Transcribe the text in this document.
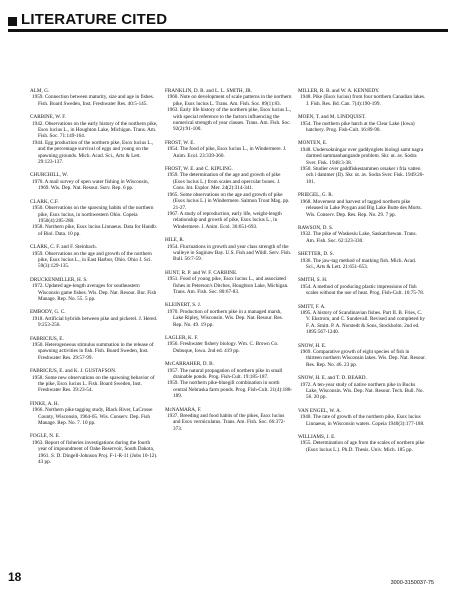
LITERATURE CITED
ALM, G.
1959. Connection between maturity, size and age in fishes. Fish. Board Sweden, Inst. Freshwater Res. 40:5-145.
CARBINE, W. F.
1942. Observations on the early history of the northern pike, Esox lucius L., in Houghton Lake, Michigan. Trans. Am. Fish. Soc. 71:149-164.
1944. Egg production of the northern pike, Esox lucius L., and the percentage survival of eggs and young on the spawning grounds. Mich. Acad. Sci., Arts & Lett. 29:123-137.
CHURCHILL, W.
1970. A mail survey of open water fishing in Wisconsin, 1969. Wis. Dep. Nat. Resour. Surv. Rep. 6 pp.
CLARK, C.F.
1950. Observations on the spawning habits of the northern pike, Esox lucius, in northwestern Ohio. Copeia 1950(4):285-288.
1958. Northern pike, Esox lucius Linnaeus. Data for Handb. of Biol. Data. 10 pp.
CLARK, C. F. and F. Steinbach.
1959. Observations on the age and growth of the northern pike, Esox lucius L., in East Harbor, Ohio. Ohio J. Sci. 59(3):129-135.
DRUCKENMILLER, H. S.
1972. Updated age-length averages for southeastern Wisconsin game fishes. Wis. Dep. Nat. Resour. Bur. Fish Manage. Rep. No. 55. 5 pp.
EMBODY, G. C.
1918. Artificial hybrids between pike and pickerel. J. Hered. 9:253-256.
FABRICIUS, E.
1950. Heterogeneous stimulus summation in the release of spawning activities in fish. Fish. Board Sweden, Inst. Freshwater Res. 29:57-99.
FABRICIUS, E. and K. J. GUSTAFSON.
1958. Some new observations on the spawning behavior of the pike, Esox lucius L. Fish. Board Sweden, Inst. Freshwater Res. 39:23-54.
FINKE, A. H.
1966. Northern pike tagging study, Black River, LaCrosse County, Wisconsin, 1964-65. Wis. Conserv. Dep. Fish Manage. Rep. No. 7. 10 pp.
FOGLE, N. E.
1963. Report of fisheries investigations during the fourth year of impoundment of Oahe Reservoir, South Dakota, 1961. S. D. Dingell-Johnson Proj. F-1-R-11 (Jobs 10-12). 43 pp.
FRANKLIN, D. R. and L. L. SMITH, JR.
1960. Note on development of scale patterns in the northern pike, Esox lucius L. Trans. Am. Fish. Soc. 89(1):83.
1963. Early life history of the northern pike, Esox lucius L., with special reference to the factors influencing the numerical strength of year classes. Trans. Am. Fish. Soc. 92(2):91-100.
FROST, W. E.
1954. The food of pike, Esox lucius L., in Windermere. J. Anim. Ecol. 23:339-360.
FROST, W. E. and C. KIPLING.
1959. The determination of the age and growth of pike (Esox lucius L.) from scales and opercular bones. J. Cons. Int. Explor. Mer. 24(2):314-341.
1965. Some observations on the age and growth of pike (Esox lucius L.) in Windermere. Salmon Trout Mag. pp. 21-27.
1967. A study of reproduction, early life, weight-length relationship and growth of pike, Esox lucius L., in Windermere. J. Anim. Ecol. 36:651-693.
HILE, R.
1954. Fluctuations in growth and year class strength of the walleye in Saginaw Bay. U.S. Fish and Wildl. Serv. Fish. Bull. 56:7-59.
HUNT, R. P. and W. F. CARBINE.
1951. Food of young pike, Esox lucius L., and associated fishes in Peterson's Ditches, Houghton Lake, Michigan. Trans. Am. Fish. Soc. 80:67-83.
KLEINERT, S. J.
1970. Production of northern pike in a managed marsh, Lake Ripley, Wisconsin. Wis. Dep. Nat. Resour. Res. Rep. No. 49. 19 pp.
LAGLER, K. F.
1956. Freshwater fishery biology. Wm. C. Brown Co. Dubuque, Iowa. 2nd ed. 419 pp.
McCARRAHER, D. B.
1957. The natural propagation of northern pike in small drainable ponds. Prog. Fish-Cult. 19:185-187.
1959. The northern pike-bluegill combination in north central Nebraska farm ponds. Prog. Fish-Cult. 21(4):188-189.
McNAMARA, F.
1937. Breeding and food habits of the pikes, Esox lucius and Esox vermiculatus. Trans. Am. Fish. Soc. 66:372-373.
MILLER, R. B. and W. A. KENNEDY.
1948. Pike (Esox lucius) from four northern Canadian lakes. J. Fish. Res. Bd. Can. 7(4):190-199.
MOEN, T. and M. LINDQUIST.
1954. The northern pike hatch at the Clear Lake (Iowa) hatchery. Prog. Fish-Cult. 16:89-90.
MONTEN, E.
1948. Undersokningar over gaddynglets biologi samt nagra darmed sammanhangande problem. Skr. ut. av. Sodra Sver. Fisk. 1948:3-38.
1950. Studier over gaddfiskestammen orsaker i fria vatten och i dammer (II). Skr. ut. av. Sodra Sver. Fisk. 1949:20-101.
PRIEGEL, G. R.
1968. Movement and harvest of tagged northern pike released in Lake Poygan and Big Lake Butte des Morts. Wis. Conserv. Dep. Res. Rep. No. 29. 7 pp.
RAWSON, D. S.
1932. The pike of Waskesiu Lake, Saskatchewan. Trans. Am. Fish. Soc. 62:323-330.
SHETTER, D. S.
1936. The jaw-tag method of marking fish. Mich. Acad. Sci., Arts & Lett. 21:651-653.
SMITH, S. H.
1954. A method of producing plastic impressions of fish scales without the use of heat. Prog. Fish-Cult. 16:75-78.
SMITT, F. A.
1895. A history of Scandinavian fishes. Part II. B. Fries, C. V. Ekstrom, and C. Sundevall. Revised and completed by F. A. Smitt. P. A. Norstedt & Sons, Stockholm. 2nd ed. 1895:567-1240.
SNOW, H. E.
1969. Comparative growth of eight species of fish in thirteen northern Wisconsin lakes. Wis. Dep. Nat. Resour. Res. Rep. No. 46. 23 pp.
SNOW, H. E. and T. D. BEARD.
1972. A ten-year study of native northern pike in Bucks Lake, Wisconsin. Wis. Dep. Nat. Resour. Tech. Bull. No. 56. 20 pp.
VAN ENGEL, W. A.
1940. The rate of growth of the northern pike, Esox lucius Linnaeus, in Wisconsin waters. Copeia 1940(3):177-188.
WILLIAMS, J. E.
1955. Determination of age from the scales of northern pike (Esox lucius L.). Ph.D. Thesis. Univ. Mich. 185 pp.
18	3000-3150037-75
